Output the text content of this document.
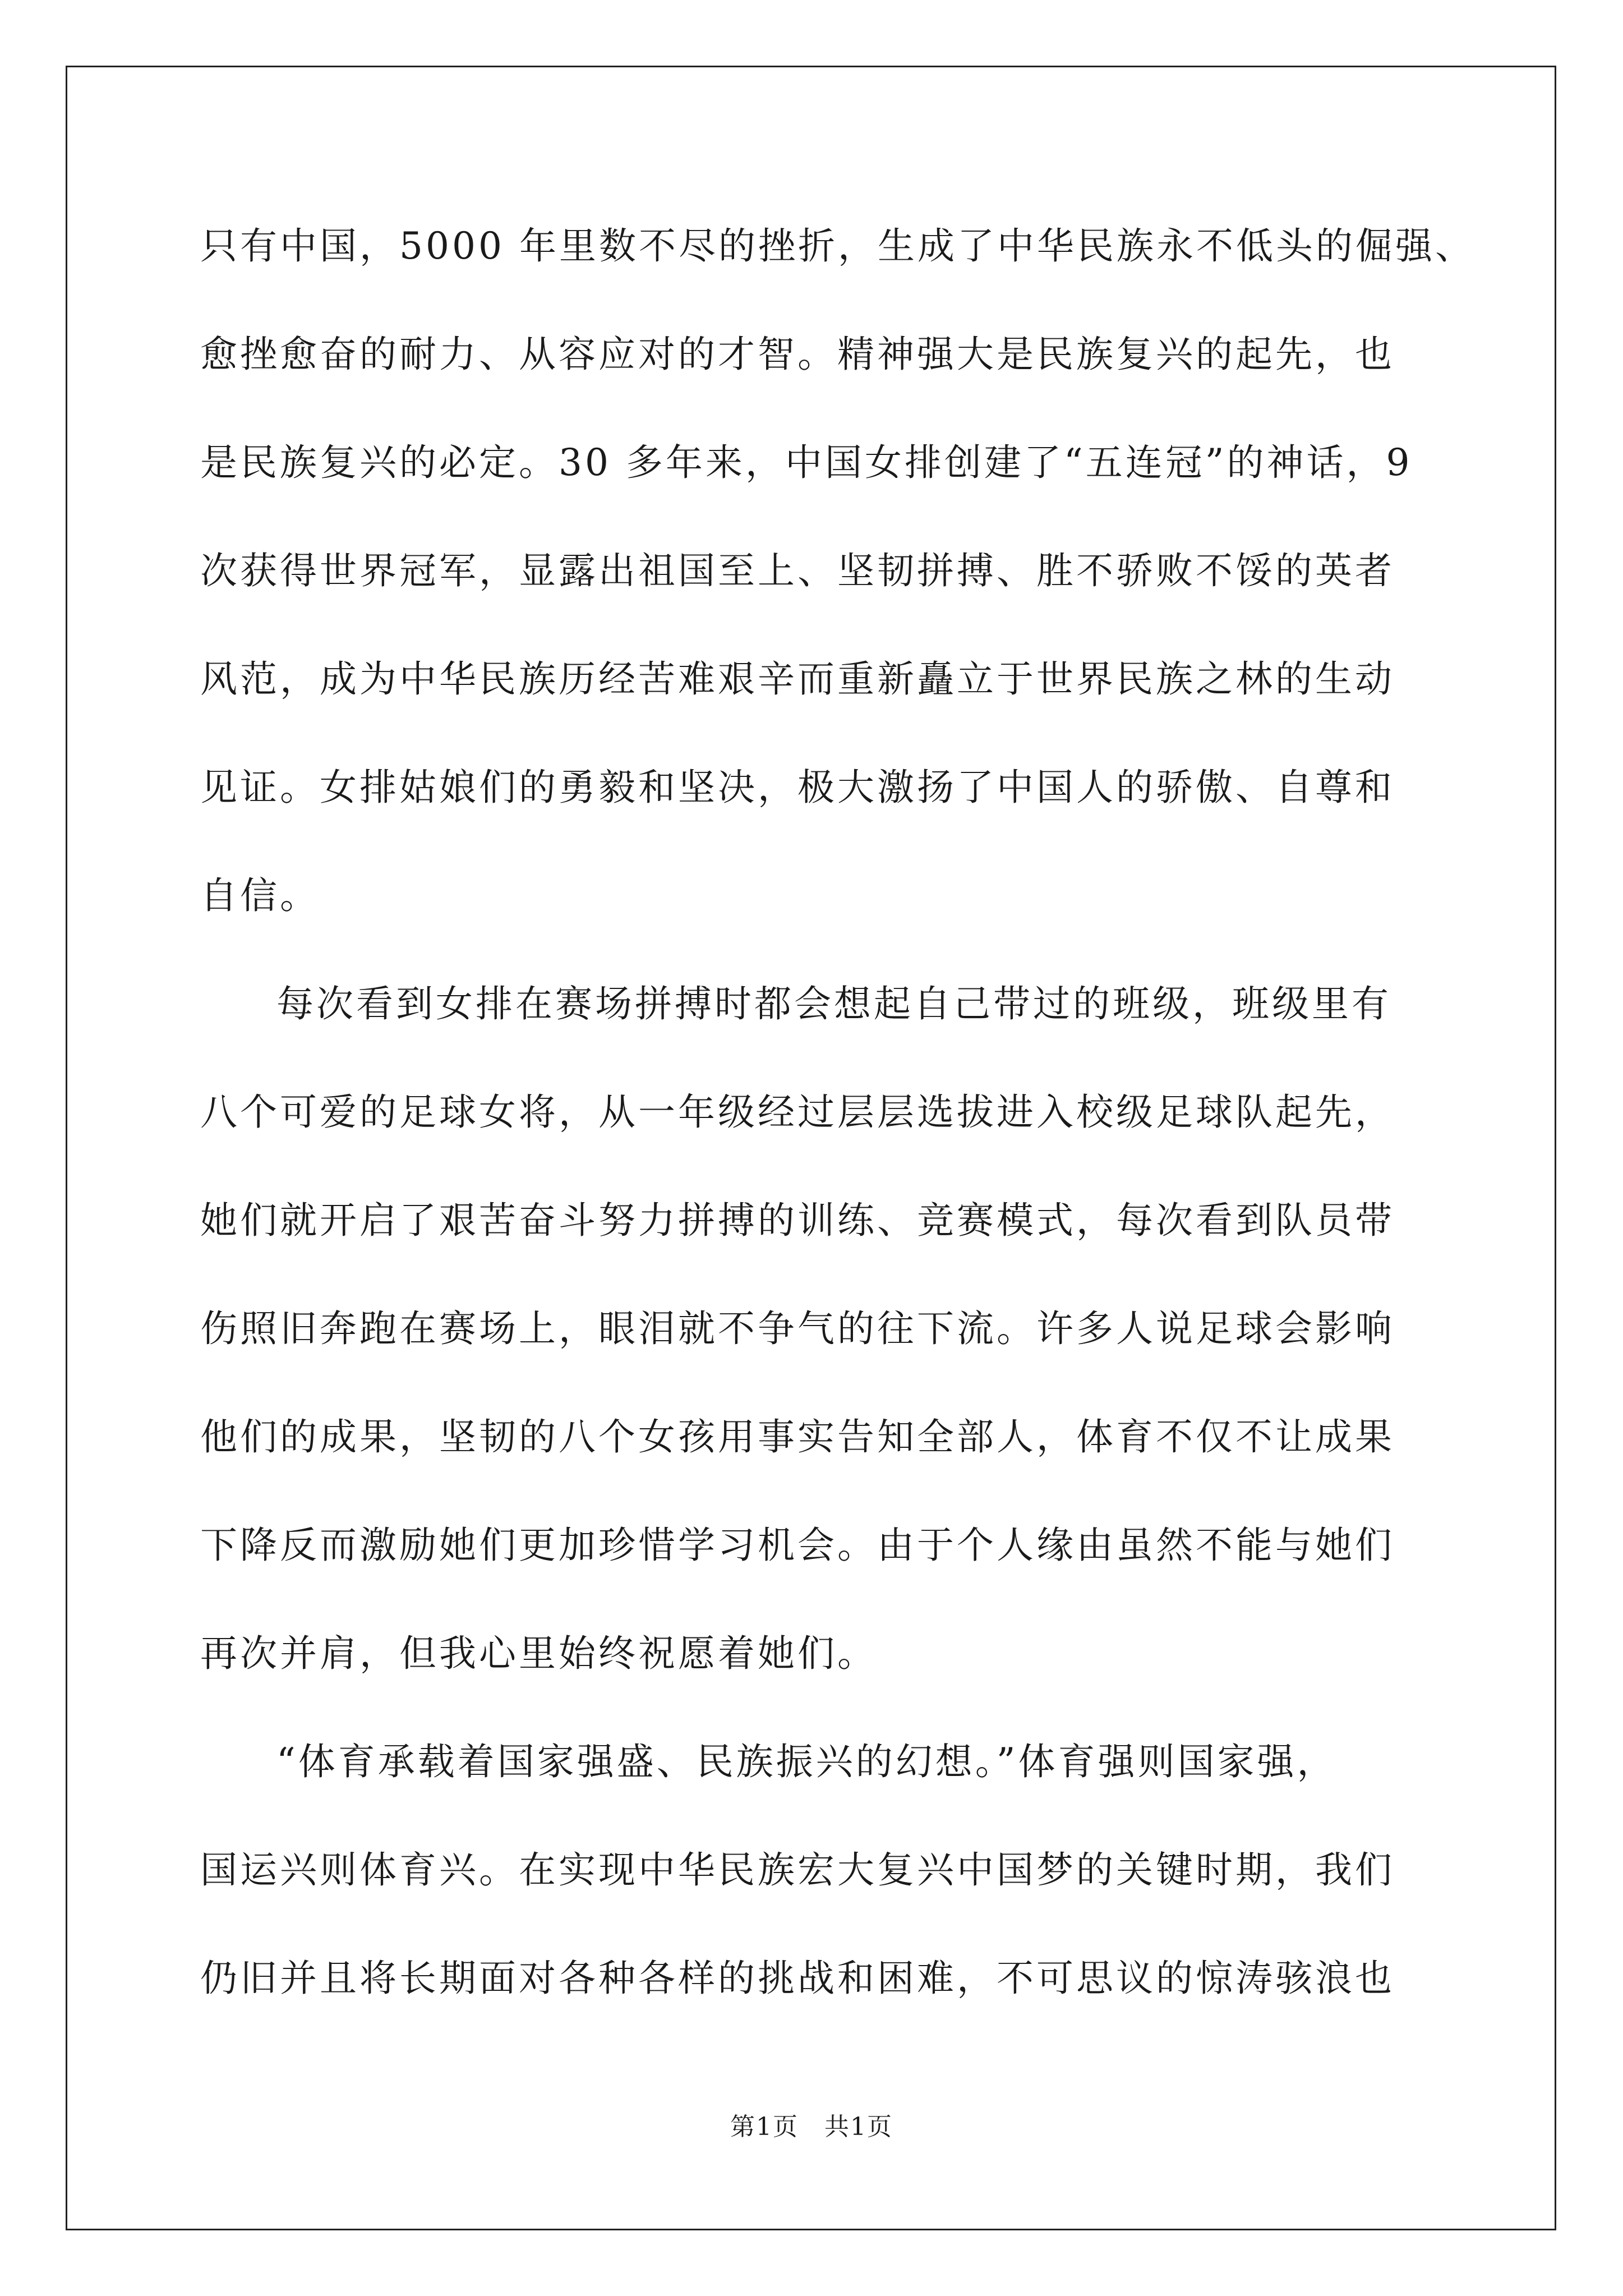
只有中国，5000 年里数不尽的挫折，生成了中华民族永不低头的倔强、

愈挫愈奋的耐力、从容应对的才智。精神强大是民族复兴的起先，也

是民族复兴的必定。30 多年来，中国女排创建了“五连冠”的神话，9

次获得世界冠军，显露出祖国至上、坚韧拼搏、胜不骄败不馁的英者

风范，成为中华民族历经苦难艰辛而重新矗立于世界民族之林的生动

见证。女排姑娘们的勇毅和坚决，极大激扬了中国人的骄傲、自尊和

自信。

每次看到女排在赛场拼搏时都会想起自己带过的班级，班级里有

八个可爱的足球女将，从一年级经过层层选拔进入校级足球队起先，

她们就开启了艰苦奋斗努力拼搏的训练、竞赛模式，每次看到队员带

伤照旧奔跑在赛场上，眼泪就不争气的往下流。许多人说足球会影响

他们的成果，坚韧的八个女孩用事实告知全部人，体育不仅不让成果

下降反而激励她们更加珍惜学习机会。由于个人缘由虽然不能与她们

再次并肩，但我心里始终祝愿着她们。

“体育承载着国家强盛、民族振兴的幻想。”体育强则国家强，

国运兴则体育兴。在实现中华民族宏大复兴中国梦的关键时期，我们

仍旧并且将长期面对各种各样的挑战和困难，不可思议的惊涛骇浪也

第1页　共1页
